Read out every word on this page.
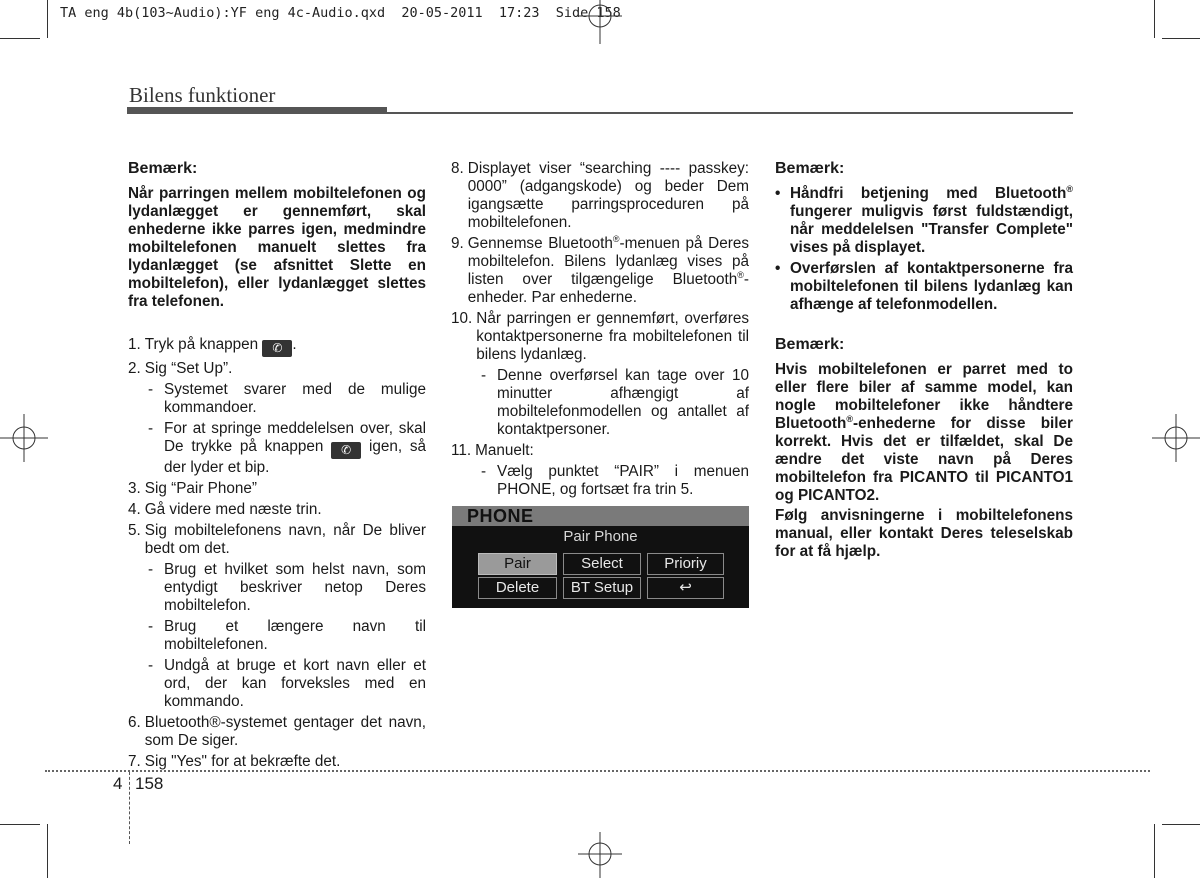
TA eng 4b(103~Audio):YF eng 4c-Audio.qxd  20-05-2011  17:23  Side 158
Bilens funktioner
Bemærk:

Når parringen mellem mobiltelefonen og lydanlægget er gennemført, skal enhederne ikke parres igen, medmindre mobiltelefonen manuelt slettes fra lydanlægget (se afsnittet Slette en mobiltelefon), eller lydanlægget slettes fra telefonen.

1. Tryk på knappen ✆ .
2. Sig “Set Up”.
- Systemet svarer med de mulige kommandoer.
- For at springe meddelelsen over, skal De trykke på knappen ✆ igen, så der lyder et bip.
3. Sig “Pair Phone”
4. Gå videre med næste trin.
5. Sig mobiltelefonens navn, når De bliver bedt om det.
- Brug et hvilket som helst navn, som entydigt beskriver netop Deres mobiltelefon.
- Brug et længere navn til mobiltelefonen.
- Undgå at bruge et kort navn eller et ord, der kan forveksles med en kommando.
6. Bluetooth®-systemet gentager det navn, som De siger.
7. Sig "Yes" for at bekræfte det.
8. Displayet viser “searching ---- passkey: 0000” (adgangskode) og beder Dem igangsætte parringsproceduren på mobiltelefonen.
9. Gennemse Bluetooth®-menuen på Deres mobiltelefon. Bilens lydanlæg vises på listen over tilgængelige Bluetooth®-enheder. Par enhederne.
10. Når parringen er gennemført, overføres kontaktpersonerne fra mobiltelefonen til bilens lydanlæg.
- Denne overførsel kan tage over 10 minutter afhængigt af mobiltelefonmodellen og antallet af kontaktpersoner.
11. Manuelt:
- Vælg punktet “PAIR” i menuen PHONE, og fortsæt fra trin 5.
PHONE
Pair Phone
Pair	Select	Prioriy
Delete	BT Setup	↩
Bemærk:
• Håndfri betjening med Bluetooth® fungerer muligvis først fuldstændigt, når meddelelsen "Transfer Complete" vises på displayet.
• Overførslen af kontaktpersonerne fra mobiltelefonen til bilens lydanlæg kan afhænge af telefonmodellen.
Bemærk:

Hvis mobiltelefonen er parret med to eller flere biler af samme model, kan nogle mobiltelefoner ikke håndtere Bluetooth®-enhederne for disse biler korrekt. Hvis det er tilfældet, skal De ændre det viste navn på Deres mobiltelefon fra PICANTO til PICANTO1 og PICANTO2.

Følg anvisningerne i mobiltelefonens manual, eller kontakt Deres teleselskab for at få hjælp.

4 158
